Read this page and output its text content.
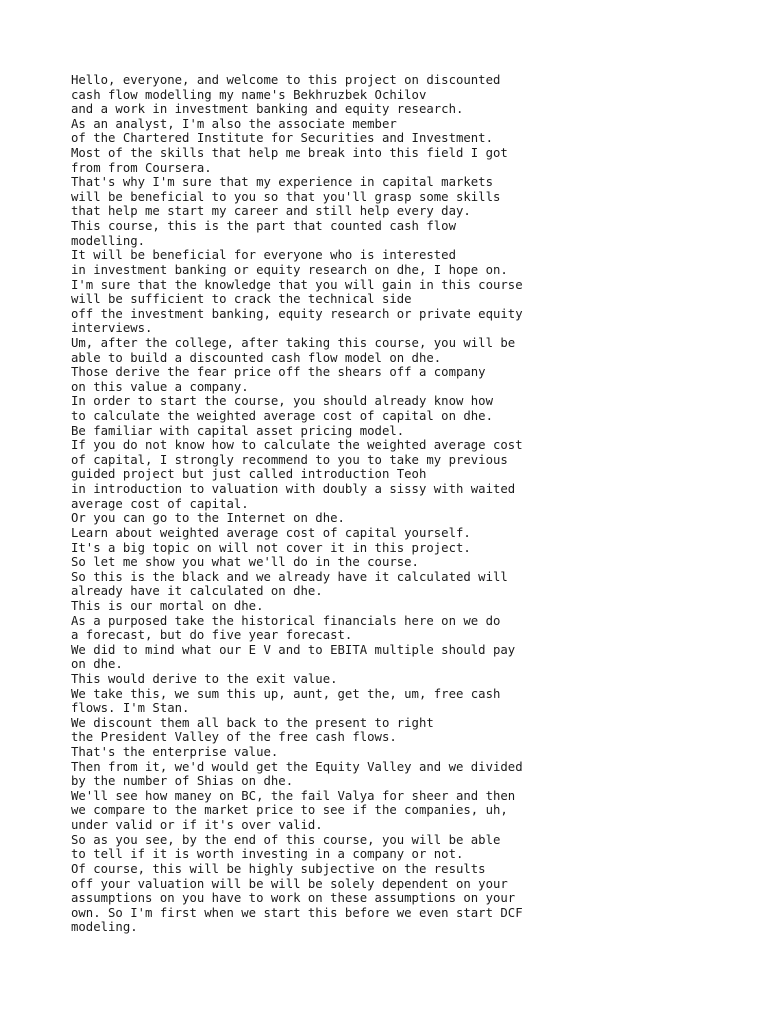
Hello, everyone, and welcome to this project on discounted
cash flow modelling my name's Bekhruzbek Ochilov
and a work in investment banking and equity research.
As an analyst, I'm also the associate member
of the Chartered Institute for Securities and Investment.
Most of the skills that help me break into this field I got
from from Coursera.
That's why I'm sure that my experience in capital markets
will be beneficial to you so that you'll grasp some skills
that help me start my career and still help every day.
This course, this is the part that counted cash flow
modelling.
It will be beneficial for everyone who is interested
in investment banking or equity research on dhe, I hope on.
I'm sure that the knowledge that you will gain in this course
will be sufficient to crack the technical side
off the investment banking, equity research or private equity
interviews.
Um, after the college, after taking this course, you will be
able to build a discounted cash flow model on dhe.
Those derive the fear price off the shears off a company
on this value a company.
In order to start the course, you should already know how
to calculate the weighted average cost of capital on dhe.
Be familiar with capital asset pricing model.
If you do not know how to calculate the weighted average cost
of capital, I strongly recommend to you to take my previous
guided project but just called introduction Teoh
in introduction to valuation with doubly a sissy with waited
average cost of capital.
Or you can go to the Internet on dhe.
Learn about weighted average cost of capital yourself.
It's a big topic on will not cover it in this project.
So let me show you what we'll do in the course.
So this is the black and we already have it calculated will
already have it calculated on dhe.
This is our mortal on dhe.
As a purposed take the historical financials here on we do
a forecast, but do five year forecast.
We did to mind what our E V and to EBITA multiple should pay
on dhe.
This would derive to the exit value.
We take this, we sum this up, aunt, get the, um, free cash
flows. I'm Stan.
We discount them all back to the present to right
the President Valley of the free cash flows.
That's the enterprise value.
Then from it, we'd would get the Equity Valley and we divided
by the number of Shias on dhe.
We'll see how maney on BC, the fail Valya for sheer and then
we compare to the market price to see if the companies, uh,
under valid or if it's over valid.
So as you see, by the end of this course, you will be able
to tell if it is worth investing in a company or not.
Of course, this will be highly subjective on the results
off your valuation will be will be solely dependent on your
assumptions on you have to work on these assumptions on your
own. So I'm first when we start this before we even start DCF
modeling.
